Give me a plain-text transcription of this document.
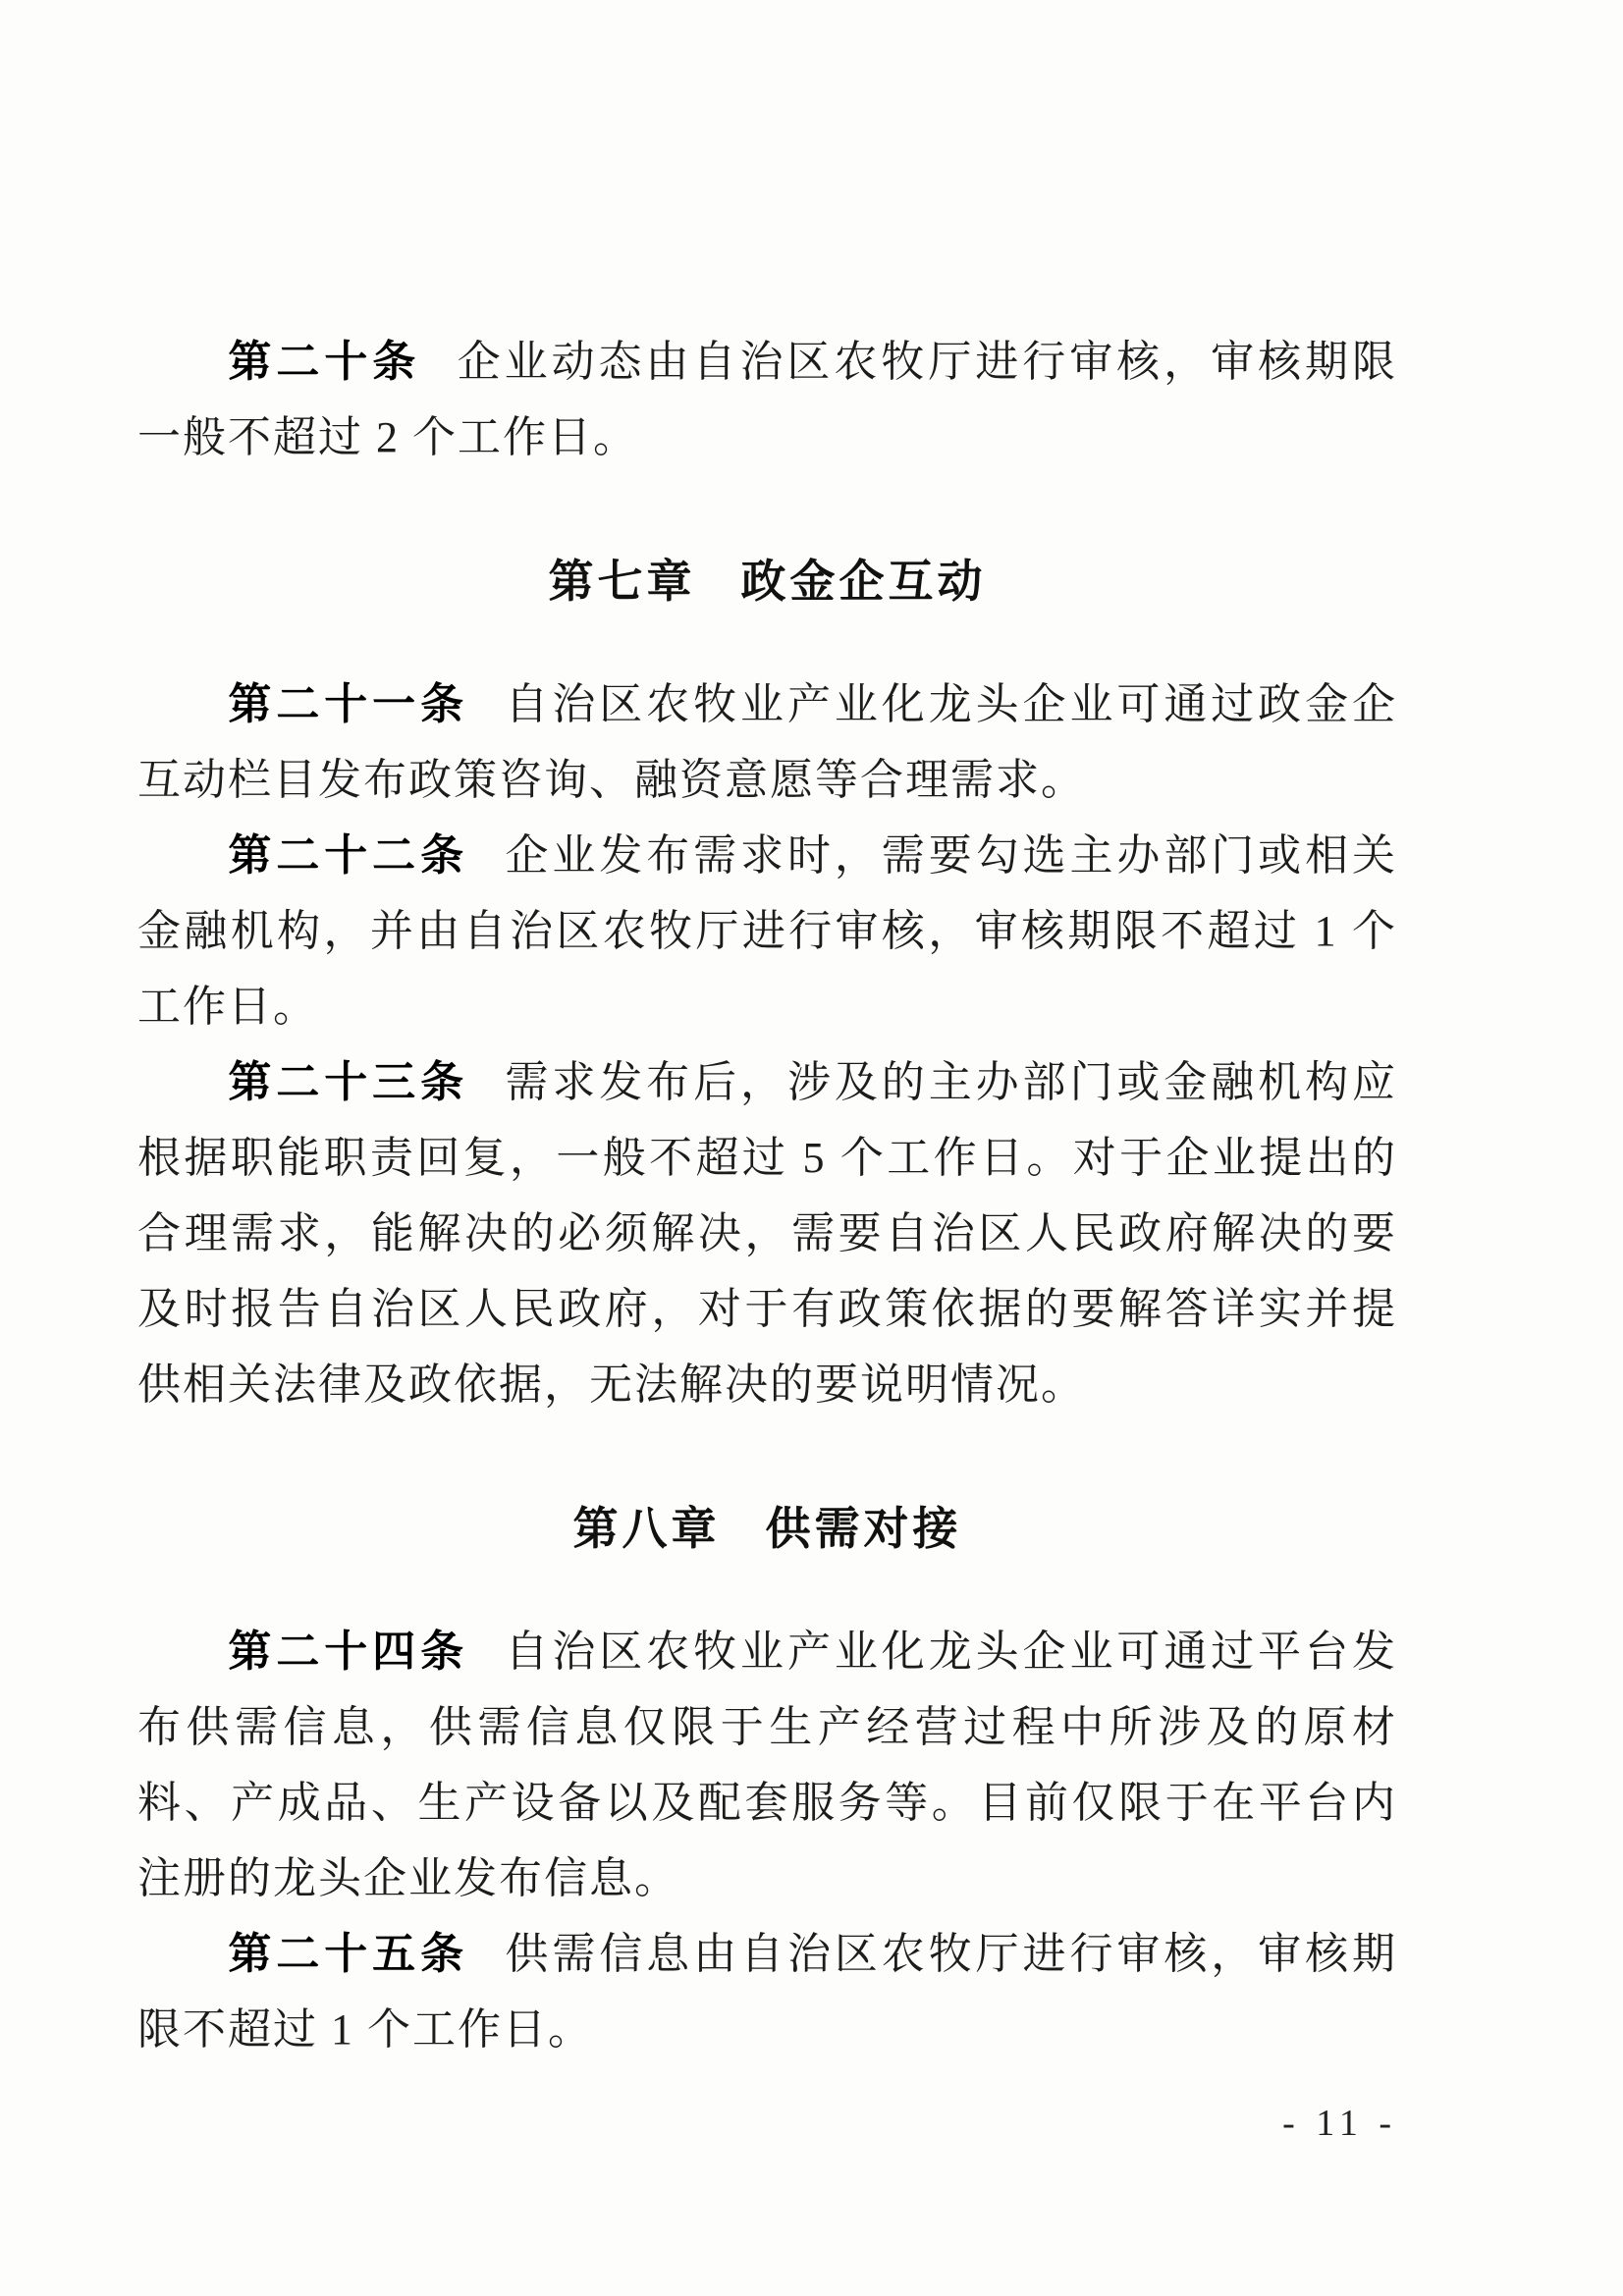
第二十条 企业动态由自治区农牧厅进行审核，审核期限一般不超过 2 个工作日。

第七章 政金企互动

第二十一条 自治区农牧业产业化龙头企业可通过政金企互动栏目发布政策咨询、融资意愿等合理需求。

第二十二条 企业发布需求时，需要勾选主办部门或相关金融机构，并由自治区农牧厅进行审核，审核期限不超过 1 个工作日。

第二十三条 需求发布后，涉及的主办部门或金融机构应根据职能职责回复，一般不超过 5 个工作日。对于企业提出的合理需求，能解决的必须解决，需要自治区人民政府解决的要及时报告自治区人民政府，对于有政策依据的要解答详实并提供相关法律及政依据，无法解决的要说明情况。

第八章 供需对接

第二十四条 自治区农牧业产业化龙头企业可通过平台发布供需信息，供需信息仅限于生产经营过程中所涉及的原材料、产成品、生产设备以及配套服务等。目前仅限于在平台内注册的龙头企业发布信息。

第二十五条 供需信息由自治区农牧厅进行审核，审核期限不超过 1 个工作日。

- 11 -
